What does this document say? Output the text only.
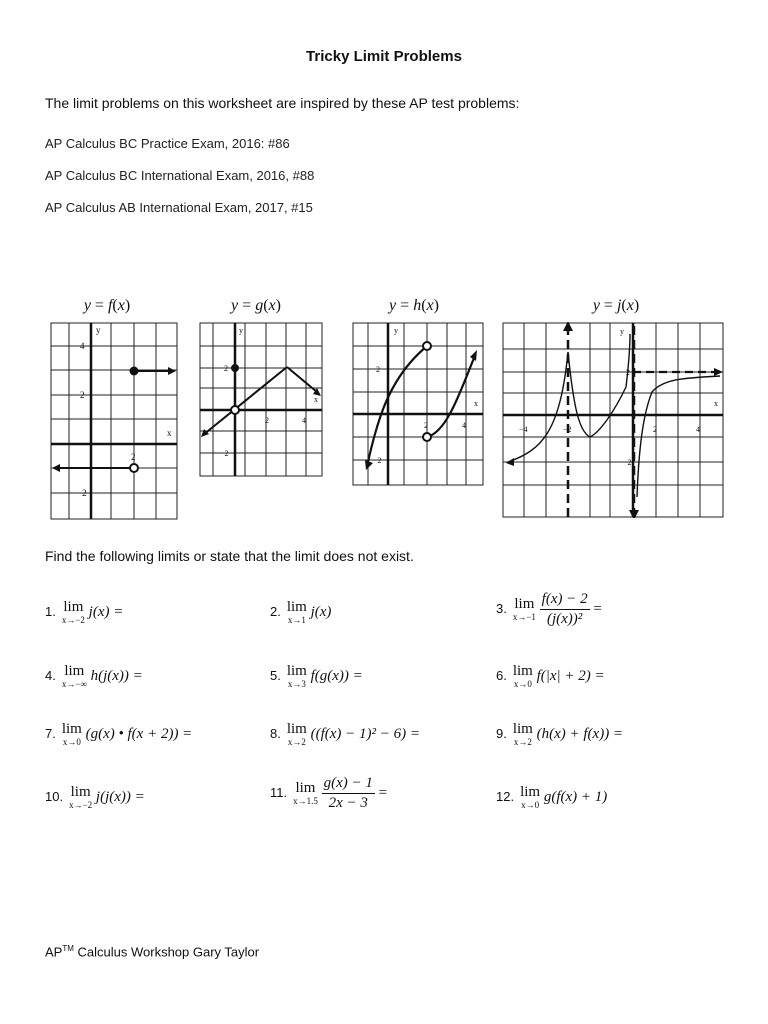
Tricky Limit Problems
The limit problems on this worksheet are inspired by these AP test problems:
AP Calculus BC Practice Exam, 2016: #86
AP Calculus BC International Exam, 2016, #88
AP Calculus AB International Exam, 2017, #15
y = f(x)	y = g(x)	y = h(x)	y = j(x)
y
x
4
2
−2
2
y
x
2
2	4
−2
y
x
2
2	4
−2
y
x
−4	−2	2	4
2
−2
Find the following limits or state that the limit does not exist.
1. lim
x→−2
j(x) =	2. lim
x→1
j(x)	3. lim
x→−1
$\frac{f(x) - 2}{\text{(j(x))²}}$ =
4. lim
x→−∞
h(j(x)) =	5. lim
x→3
f(g(x)) =	6. lim
x→0
f(|x| + 2) =
7. lim
x→0
(g(x) • f(x + 2)) =	8. lim
x→2
((f(x) − 1)² − 6) =	9. lim
x→2
(h(x) + f(x)) =
10. lim
x→−2
j(j(x)) =	11. lim
x→1.5
$\frac{g(x) - 1}{2x - 3}$ =	12. lim
x→0
g(f(x) + 1)
AP™ Calculus Workshop Gary Taylor
